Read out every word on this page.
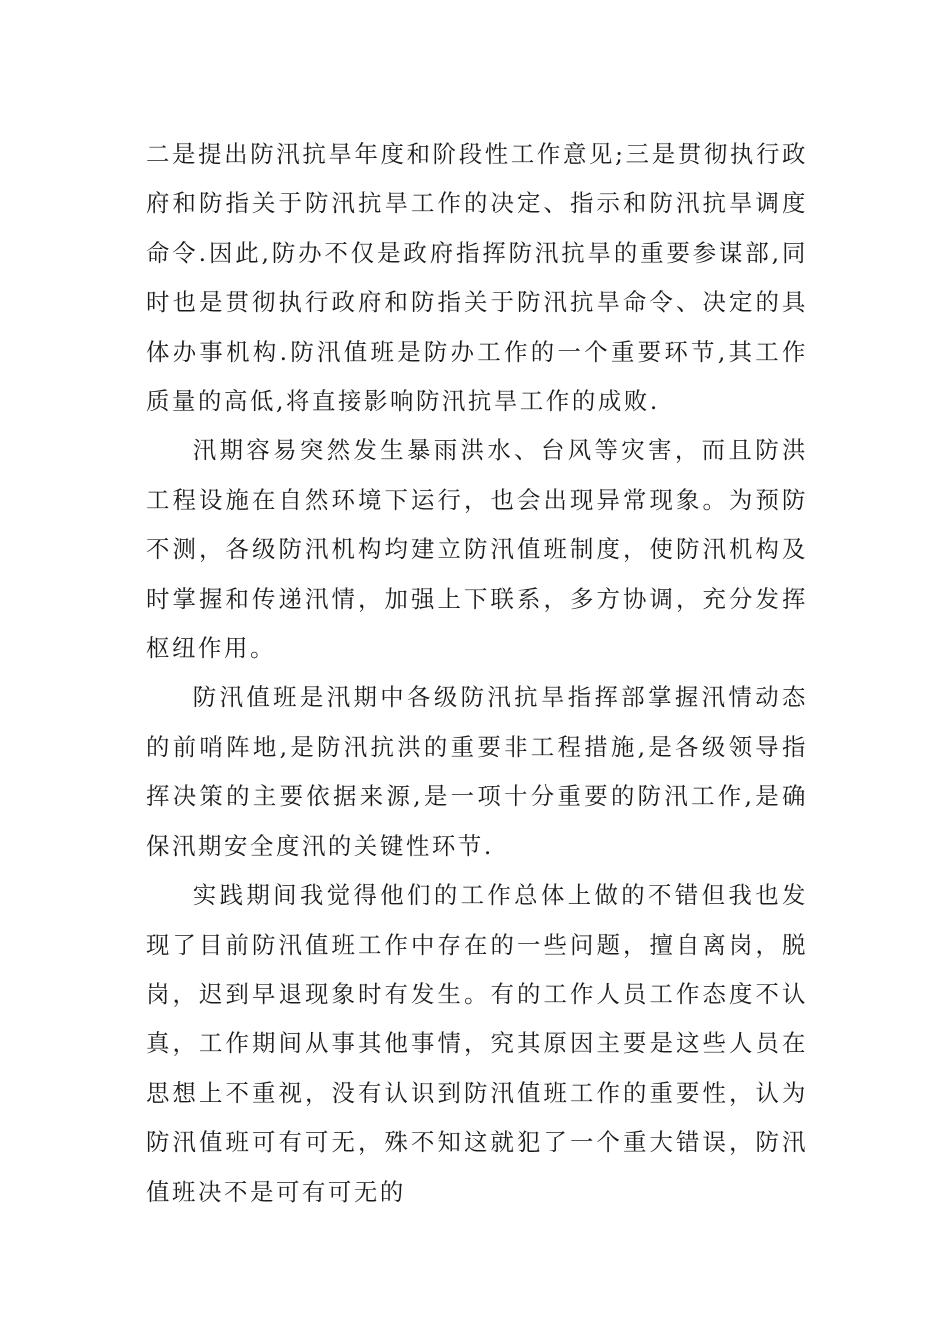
二是提出防汛抗旱年度和阶段性工作意见;三是贯彻执行政府和防指关于防汛抗旱工作的决定、指示和防汛抗旱调度命令.因此,防办不仅是政府指挥防汛抗旱的重要参谋部,同时也是贯彻执行政府和防指关于防汛抗旱命令、决定的具体办事机构.防汛值班是防办工作的一个重要环节,其工作质量的高低,将直接影响防汛抗旱工作的成败.

汛期容易突然发生暴雨洪水、台风等灾害，而且防洪工程设施在自然环境下运行，也会出现异常现象。为预防不测，各级防汛机构均建立防汛值班制度，使防汛机构及时掌握和传递汛情，加强上下联系，多方协调，充分发挥枢纽作用。

防汛值班是汛期中各级防汛抗旱指挥部掌握汛情动态的前哨阵地,是防汛抗洪的重要非工程措施,是各级领导指挥决策的主要依据来源,是一项十分重要的防汛工作,是确保汛期安全度汛的关键性环节.

实践期间我觉得他们的工作总体上做的不错但我也发现了目前防汛值班工作中存在的一些问题，擅自离岗，脱岗，迟到早退现象时有发生。有的工作人员工作态度不认真，工作期间从事其他事情，究其原因主要是这些人员在思想上不重视，没有认识到防汛值班工作的重要性，认为防汛值班可有可无，殊不知这就犯了一个重大错误，防汛值班决不是可有可无的
